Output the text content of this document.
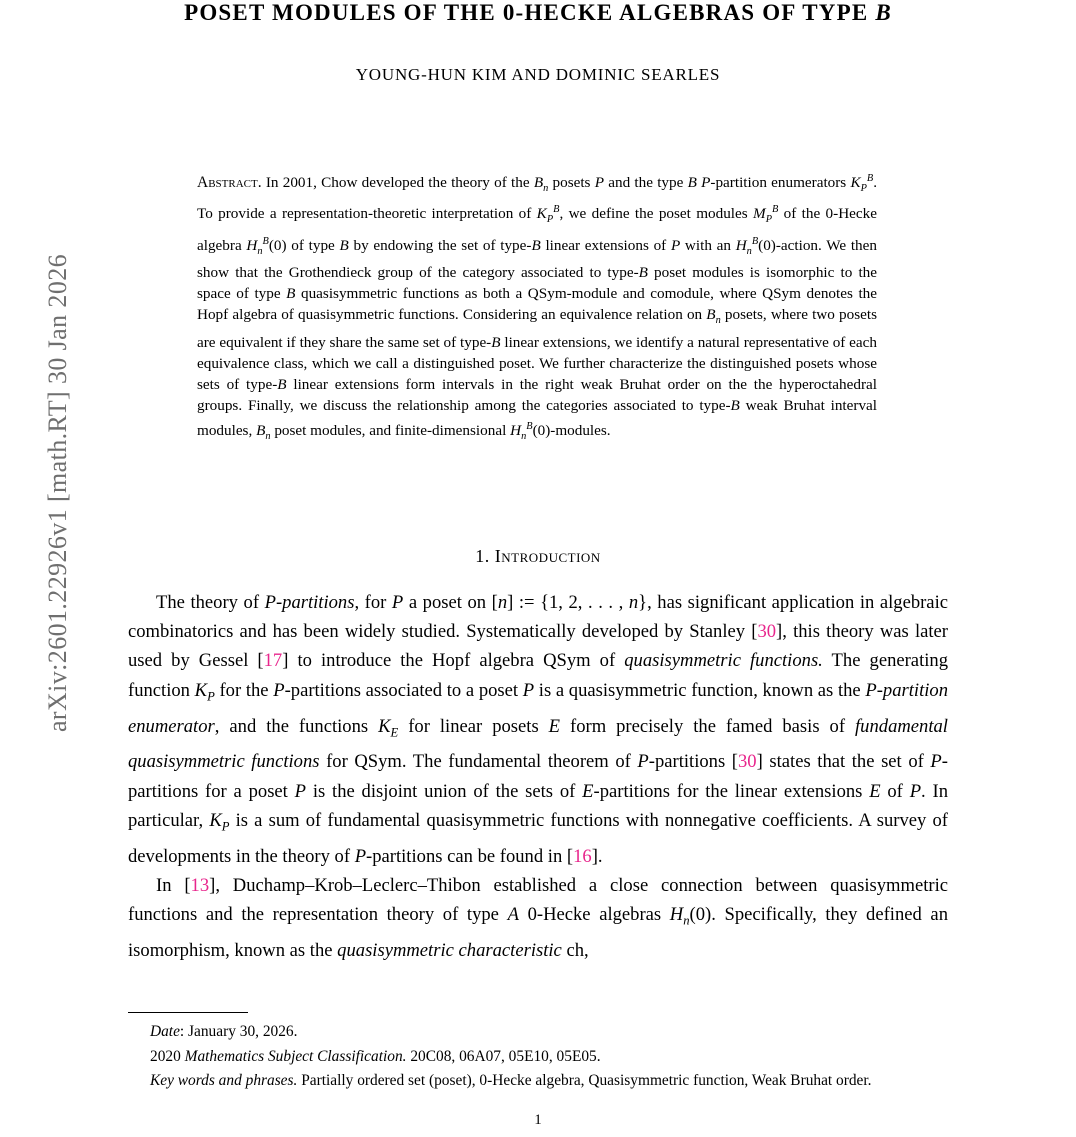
arXiv:2601.22926v1 [math.RT] 30 Jan 2026
POSET MODULES OF THE 0-HECKE ALGEBRAS OF TYPE B
YOUNG-HUN KIM AND DOMINIC SEARLES
Abstract. In 2001, Chow developed the theory of the $B_n$ posets P and the type B P-partition enumerators $K_P^B$. To provide a representation-theoretic interpretation of $K_P^B$, we define the poset modules $M_P^B$ of the 0-Hecke algebra $H_n^B(0)$ of type B by endowing the set of type-B linear extensions of P with an $H_n^B(0)$-action. We then show that the Grothendieck group of the category associated to type-B poset modules is isomorphic to the space of type B quasisymmetric functions as both a QSym-module and comodule, where QSym denotes the Hopf algebra of quasisymmetric functions. Considering an equivalence relation on $B_n$ posets, where two posets are equivalent if they share the same set of type-B linear extensions, we identify a natural representative of each equivalence class, which we call a distinguished poset. We further characterize the distinguished posets whose sets of type-B linear extensions form intervals in the right weak Bruhat order on the the hyperoctahedral groups. Finally, we discuss the relationship among the categories associated to type-B weak Bruhat interval modules, $B_n$ poset modules, and finite-dimensional $H_n^B(0)$-modules.
1. Introduction

The theory of P-partitions, for P a poset on [n] := {1, 2, . . . , n}, has significant application in algebraic combinatorics and has been widely studied. Systematically developed by Stanley [30], this theory was later used by Gessel [17] to introduce the Hopf algebra QSym of quasisymmetric functions. The generating function $K_P$ for the P-partitions associated to a poset P is a quasisymmetric function, known as the P-partition enumerator, and the functions $K_E$ for linear posets E form precisely the famed basis of fundamental quasisymmetric functions for QSym. The fundamental theorem of P-partitions [30] states that the set of P-partitions for a poset P is the disjoint union of the sets of E-partitions for the linear extensions E of P. In particular, $K_P$ is a sum of fundamental quasisymmetric functions with nonnegative coefficients. A survey of developments in the theory of P-partitions can be found in [16].

In [13], Duchamp–Krob–Leclerc–Thibon established a close connection between quasisymmetric functions and the representation theory of type A 0-Hecke algebras $H_n(0)$. Specifically, they defined an isomorphism, known as the quasisymmetric characteristic ch,

Date: January 30, 2026.
2020 Mathematics Subject Classification. 20C08, 06A07, 05E10, 05E05.
Key words and phrases. Partially ordered set (poset), 0-Hecke algebra, Quasisymmetric function, Weak Bruhat order.
1
